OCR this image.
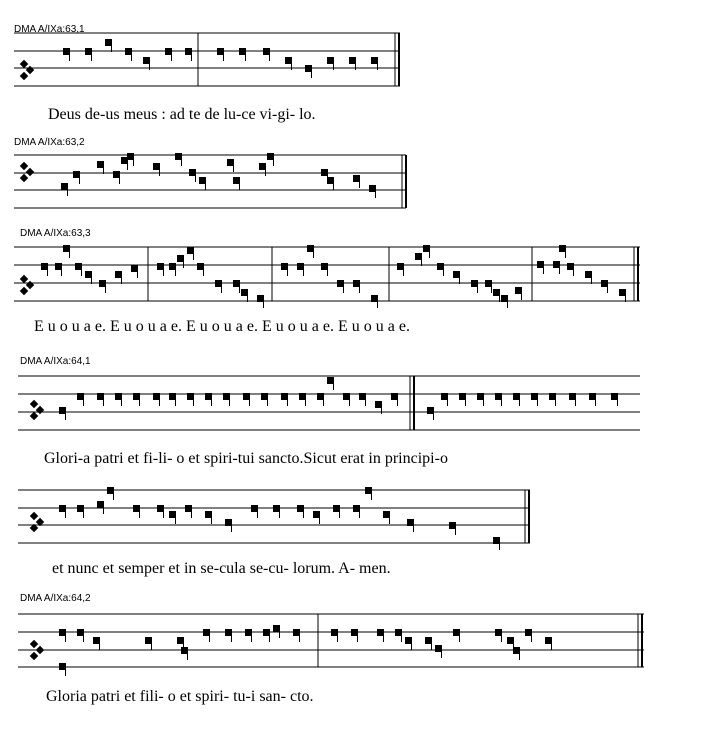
DMA A/IXa:63,1
DMA A/IXa:63,2
DMA A/IXa:63,3
DMA A/IXa:64,1
DMA A/IXa:64,2
Deus de-us meus : ad te de lu-ce vi-gi- lo.
E u o u a e. E u o u a e. E u o u a e. E u o u a e. E u o u a e.
Glori-a patri et fi-li- o et spiri-tui sancto.Sicut erat in principi-o
et nunc et semper et in se-cula se-cu- lorum. A- men.
Gloria patri et fili- o et spiri- tu-i san- cto.
